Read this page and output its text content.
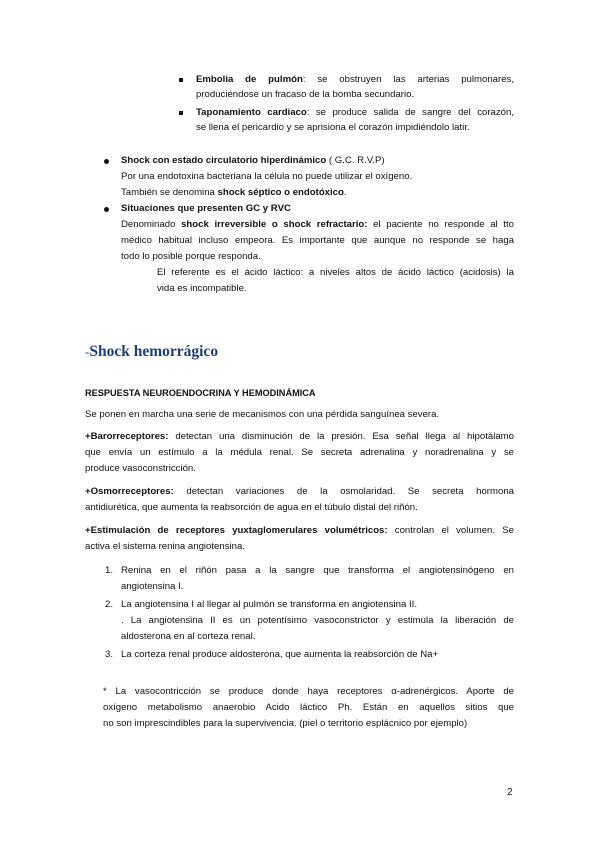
Embolia de pulmón: se obstruyen las arterias pulmonares,
produciéndose un fracaso de la bomba secundario.
Taponamiento cardiaco: se produce salida de sangre del corazón,
se llena el pericardio y se aprisiona el corazón impidiéndolo latir.
Shock con estado circulatorio hiperdinámico ( G.C. R.V.P)
Por una endotoxina bacteriana la célula no puede utilizar el oxígeno.
También se denomina shock séptico o endotóxico.
Situaciones que presenten GC y RVC
Denominado shock irreversible o shock refractario: el paciente no responde al tto
médico habitual incluso empeora. Es importante que aunque no responde se haga
todo lo posible porque responda.
El referente es el ácido láctico: a niveles altos de ácido láctico (acidosis) la
vida es incompatible.
-Shock hemorrágico
RESPUESTA NEUROENDOCRINA Y HEMODINÁMICA
Se ponen en marcha una serie de mecanismos con una pérdida sanguínea severa.
+Barorreceptores: detectan una disminución de la presión. Esa señal llega al hipotálamo
que envía un estímulo a la médula renal. Se secreta adrenalina y noradrenalina y se
produce vasoconstricción.
+Osmorreceptores: detectan variaciones de la osmolaridad. Se secreta hormona
antidiurética, que aumenta la reabsorción de agua en el túbulo distal del riñón.
+Estimulación de receptores yuxtaglomerulares volumétricos: controlan el volumen. Se
activa el sistema renina angiotensina.
1. Renina en el riñón pasa a la sangre que transforma el angiotensinógeno en
angiotensina I.
2. La angiotensina I al llegar al pulmón se transforma en angiotensina II.
. La angiotensina II es un potentísimo vasoconstrictor y estimula la liberación de
aldosterona en al corteza renal.
3. La corteza renal produce aldosterona, que aumenta la reabsorción de Na+
* La vasocontricción se produce donde haya receptores α-adrenérgicos. Aporte de
oxígeno metabolismo anaerobio Acido láctico Ph. Están en aquellos sitios que
no son imprescindibles para la supervivencia. (piel o territorio esplácnico por ejemplo)
2
